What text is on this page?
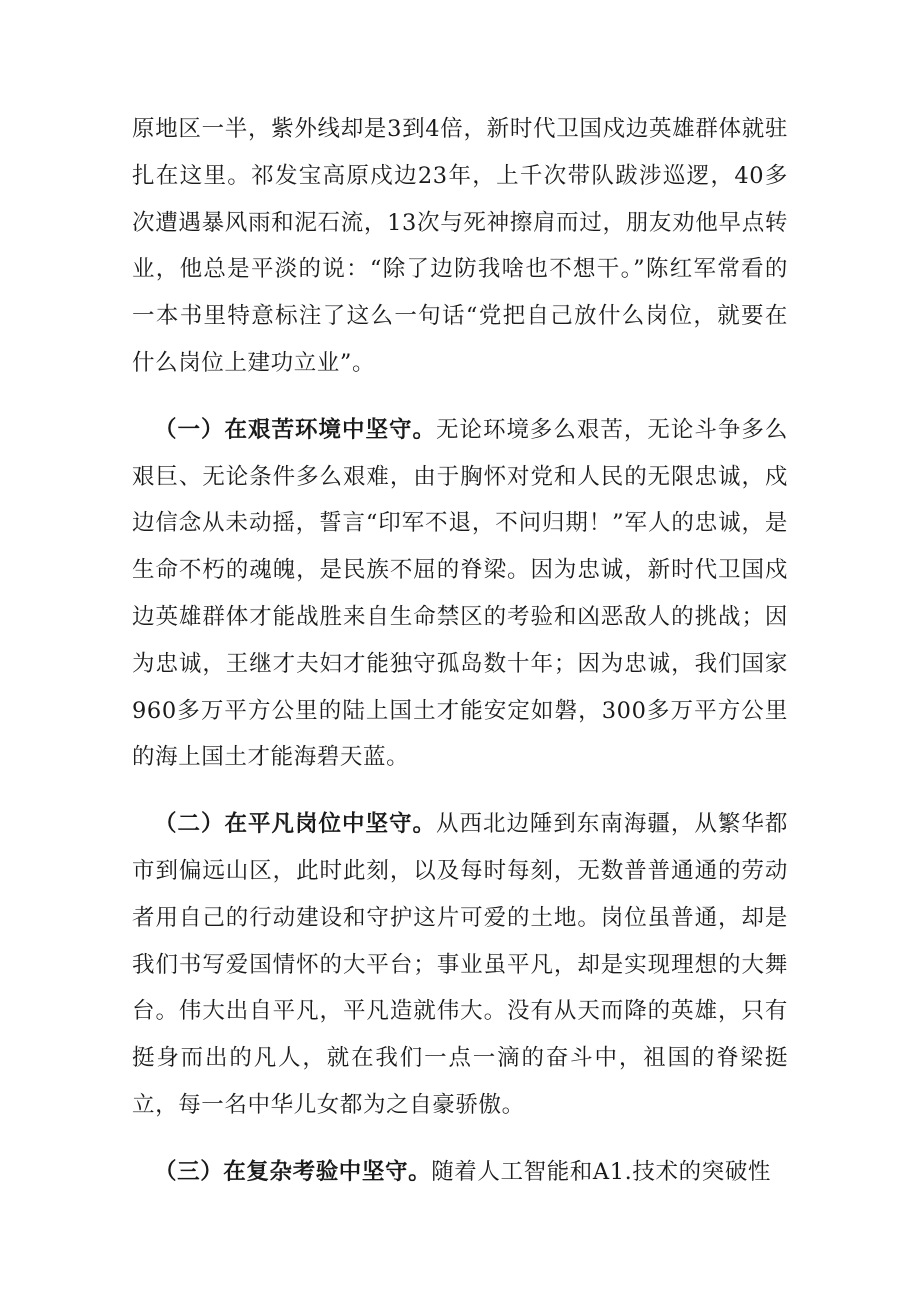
原地区一半，紫外线却是3到4倍，新时代卫国戍边英雄群体就驻扎在这里。祁发宝高原戍边23年，上千次带队跋涉巡逻，40多次遭遇暴风雨和泥石流，13次与死神擦肩而过，朋友劝他早点转业，他总是平淡的说：“除了边防我啥也不想干。”陈红军常看的一本书里特意标注了这么一句话“党把自己放什么岗位，就要在什么岗位上建功立业”。

（一）在艰苦环境中坚守。无论环境多么艰苦，无论斗争多么艰巨、无论条件多么艰难，由于胸怀对党和人民的无限忠诚，戍边信念从未动摇，誓言“印军不退，不问归期！”军人的忠诚，是生命不朽的魂魄，是民族不屈的脊梁。因为忠诚，新时代卫国戍边英雄群体才能战胜来自生命禁区的考验和凶恶敌人的挑战；因为忠诚，王继才夫妇才能独守孤岛数十年；因为忠诚，我们国家960多万平方公里的陆上国土才能安定如磐，300多万平方公里的海上国土才能海碧天蓝。

（二）在平凡岗位中坚守。从西北边陲到东南海疆，从繁华都市到偏远山区，此时此刻，以及每时每刻，无数普普通通的劳动者用自己的行动建设和守护这片可爱的土地。岗位虽普通，却是我们书写爱国情怀的大平台；事业虽平凡，却是实现理想的大舞台。伟大出自平凡，平凡造就伟大。没有从天而降的英雄，只有挺身而出的凡人，就在我们一点一滴的奋斗中，祖国的脊梁挺立，每一名中华儿女都为之自豪骄傲。

（三）在复杂考验中坚守。随着人工智能和A1.技术的突破性
